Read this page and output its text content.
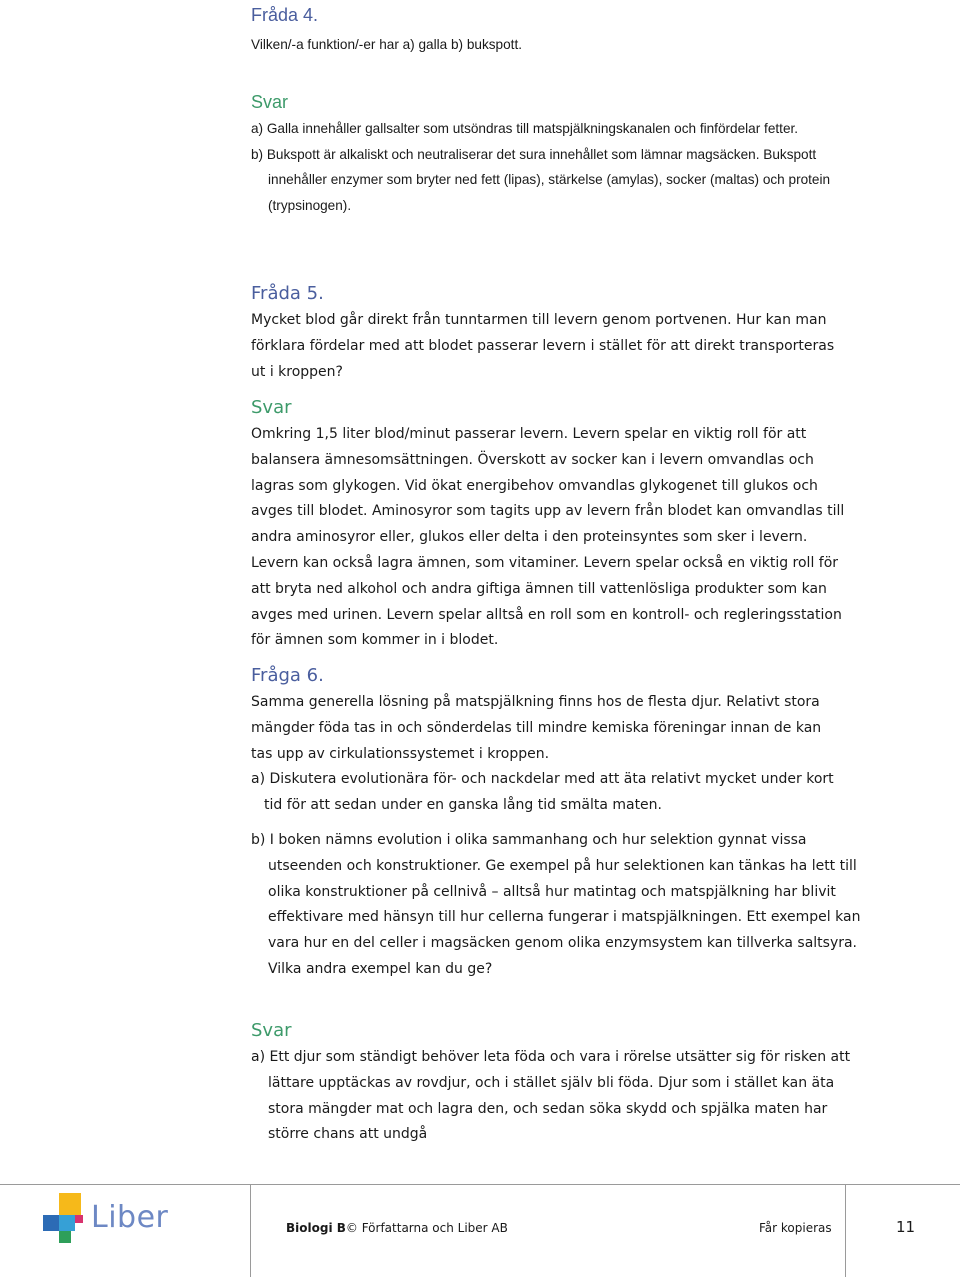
Fråda 4.

Vilken/-a funktion/-er har a) galla b) bukspott.

Svar

a) Galla innehåller gallsalter som utsöndras till matspjälkningskanalen och finfördelar fetter.

b) Bukspott är alkaliskt och neutraliserar det sura innehållet som lämnar magsäcken. Bukspott innehåller enzymer som bryter ned fett (lipas), stärkelse (amylas), socker (maltas) och protein (trypsinogen).

Fråda 5.

Mycket blod går direkt från tunntarmen till levern genom portvenen. Hur kan man förklara fördelar med att blodet passerar levern i stället för att direkt transporteras ut i kroppen?

Svar

Omkring 1,5 liter blod/minut passerar levern. Levern spelar en viktig roll för att balansera ämnesomsättningen. Överskott av socker kan i levern omvandlas och lagras som glykogen. Vid ökat energibehov omvandlas glykogenet till glukos och avges till blodet. Aminosyror som tagits upp av levern från blodet kan omvandlas till andra aminosyror eller, glukos eller delta i den proteinsyntes som sker i levern. Levern kan också lagra ämnen, som vitaminer. Levern spelar också en viktig roll för att bryta ned alkohol och andra giftiga ämnen till vattenlösliga produkter som kan avges med urinen. Levern spelar alltså en roll som en kontroll- och regleringsstation för ämnen som kommer in i blodet.

Fråga 6.

Samma generella lösning på matspjälkning finns hos de flesta djur. Relativt stora mängder föda tas in och sönderdelas till mindre kemiska föreningar innan de kan tas upp av cirkulationssystemet i kroppen.

a) Diskutera evolutionära för- och nackdelar med att äta relativt mycket under kort tid för att sedan under en ganska lång tid smälta maten.

b) I boken nämns evolution i olika sammanhang och hur selektion gynnat vissa utseenden och konstruktioner. Ge exempel på hur selektionen kan tänkas ha lett till olika konstruktioner på cellnivå – alltså hur matintag och matspjälkning har blivit effektivare med hänsyn till hur cellerna fungerar i matspjälkningen. Ett exempel kan vara hur en del celler i magsäcken genom olika enzymsystem kan tillverka saltsyra.

Vilka andra exempel kan du ge?

Svar

a) Ett djur som ständigt behöver leta föda och vara i rörelse utsätter sig för risken att lättare upptäckas av rovdjur, och i stället själv bli föda. Djur som i stället kan äta stora mängder mat och lagra den, och sedan söka skydd och spjälka maten har större chans att undgå

Liber	Biologi B© Författarna och Liber AB	Får kopieras	11
